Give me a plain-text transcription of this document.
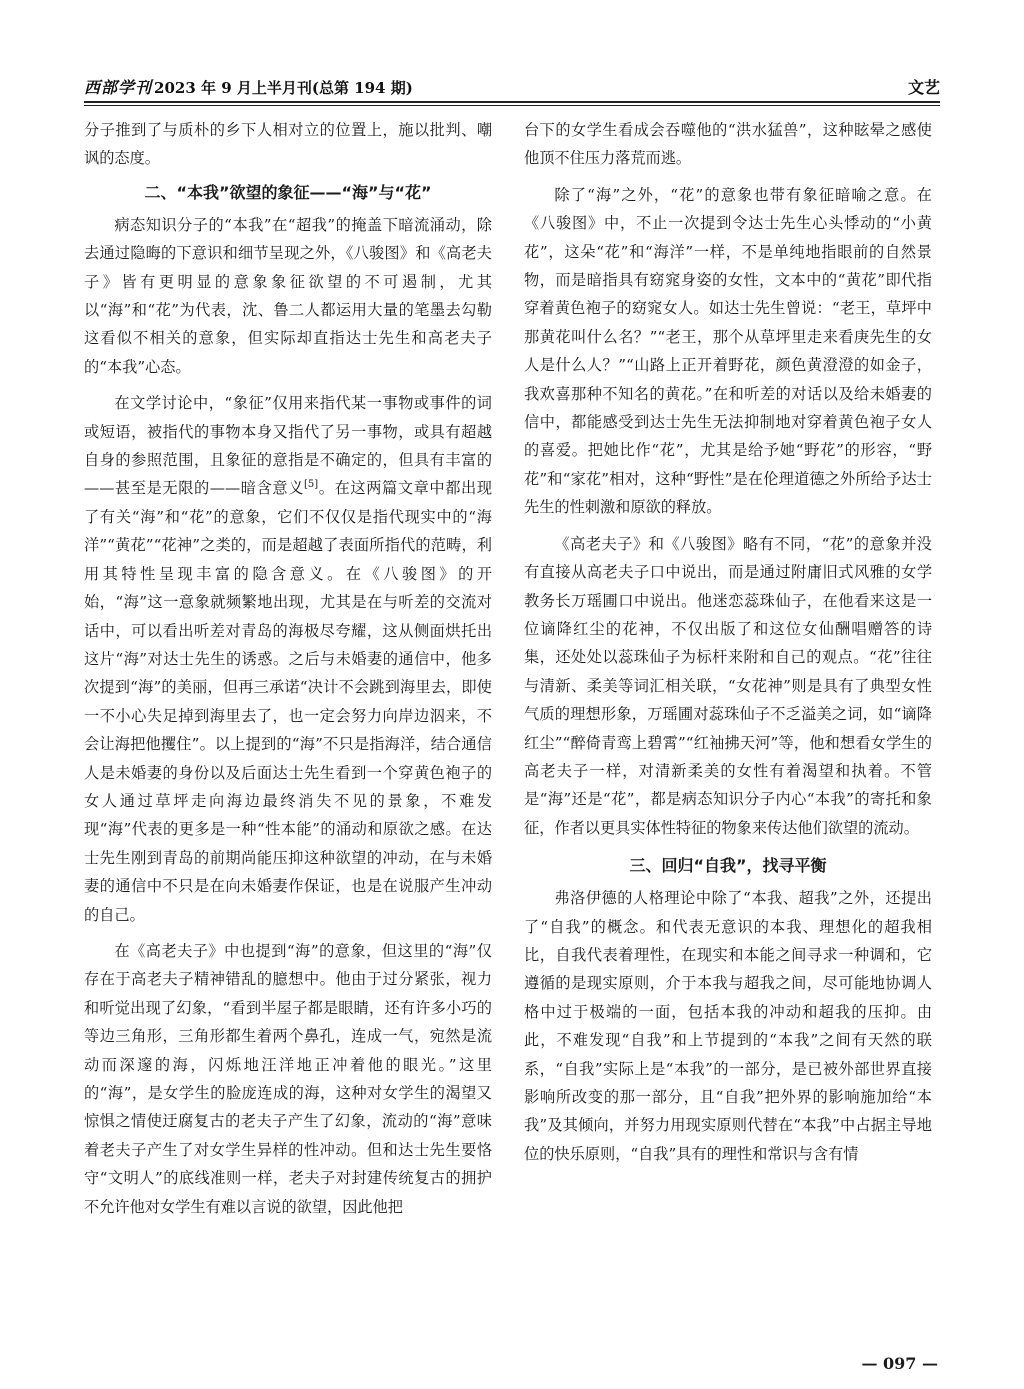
西部学刊 2023 年 9 月上半月刊(总第 194 期)	文艺

分子推到了与质朴的乡下人相对立的位置上，施以批判、嘲讽的态度。

二、“本我”欲望的象征——“海”与“花”

病态知识分子的“本我”在“超我”的掩盖下暗流涌动，除去通过隐晦的下意识和细节呈现之外，《八骏图》和《高老夫子》皆有更明显的意象象征欲望的不可遏制，尤其以“海”和“花”为代表，沈、鲁二人都运用大量的笔墨去勾勒这看似不相关的意象，但实际却直指达士先生和高老夫子的“本我”心态。

在文学讨论中，“象征”仅用来指代某一事物或事件的词或短语，被指代的事物本身又指代了另一事物，或具有超越自身的参照范围，且象征的意指是不确定的，但具有丰富的——甚至是无限的——暗含意义[5]。在这两篇文章中都出现了有关“海”和“花”的意象，它们不仅仅是指代现实中的“海洋”“黄花”“花神”之类的，而是超越了表面所指代的范畴，利用其特性呈现丰富的隐含意义。在《八骏图》的开始，“海”这一意象就频繁地出现，尤其是在与听差的交流对话中，可以看出听差对青岛的海极尽夸耀，这从侧面烘托出这片“海”对达士先生的诱惑。之后与未婚妻的通信中，他多次提到“海”的美丽，但再三承诺“决计不会跳到海里去，即使一不小心失足掉到海里去了，也一定会努力向岸边泅来，不会让海把他攫住”。以上提到的“海”不只是指海洋，结合通信人是未婚妻的身份以及后面达士先生看到一个穿黄色袍子的女人通过草坪走向海边最终消失不见的景象，不难发现“海”代表的更多是一种“性本能”的涌动和原欲之感。在达士先生刚到青岛的前期尚能压抑这种欲望的冲动，在与未婚妻的通信中不只是在向未婚妻作保证，也是在说服产生冲动的自己。

在《高老夫子》中也提到“海”的意象，但这里的“海”仅存在于高老夫子精神错乱的臆想中。他由于过分紧张，视力和听觉出现了幻象，“看到半屋子都是眼睛，还有许多小巧的等边三角形，三角形都生着两个鼻孔，连成一气，宛然是流动而深邃的海，闪烁地汪洋地正冲着他的眼光。”这里的“海”，是女学生的脸庞连成的海，这种对女学生的渴望又惊惧之情使迂腐复古的老夫子产生了幻象，流动的“海”意味着老夫子产生了对女学生异样的性冲动。但和达士先生要恪守“文明人”的底线准则一样，老夫子对封建传统复古的拥护不允许他对女学生有难以言说的欲望，因此他把

台下的女学生看成会吞噬他的“洪水猛兽”，这种眩晕之感使他顶不住压力落荒而逃。

除了“海”之外，“花”的意象也带有象征暗喻之意。在《八骏图》中，不止一次提到令达士先生心头悸动的“小黄花”，这朵“花”和“海洋”一样，不是单纯地指眼前的自然景物，而是暗指具有窈窕身姿的女性，文本中的“黄花”即代指穿着黄色袍子的窈窕女人。如达士先生曾说：“老王，草坪中那黄花叫什么名？”“老王，那个从草坪里走来看庚先生的女人是什么人？”“山路上正开着野花，颜色黄澄澄的如金子，我欢喜那种不知名的黄花。”在和听差的对话以及给未婚妻的信中，都能感受到达士先生无法抑制地对穿着黄色袍子女人的喜爱。把她比作“花”，尤其是给予她“野花”的形容，“野花”和“家花”相对，这种“野性”是在伦理道德之外所给予达士先生的性刺激和原欲的释放。

《高老夫子》和《八骏图》略有不同，“花”的意象并没有直接从高老夫子口中说出，而是通过附庸旧式风雅的女学教务长万瑶圃口中说出。他迷恋蕊珠仙子，在他看来这是一位谪降红尘的花神，不仅出版了和这位女仙酬唱赠答的诗集，还处处以蕊珠仙子为标杆来附和自己的观点。“花”往往与清新、柔美等词汇相关联，“女花神”则是具有了典型女性气质的理想形象，万瑶圃对蕊珠仙子不乏溢美之词，如“谪降红尘”“醉倚青鸾上碧霄”“红袖拂天河”等，他和想看女学生的高老夫子一样，对清新柔美的女性有着渴望和执着。不管是“海”还是“花”，都是病态知识分子内心“本我”的寄托和象征，作者以更具实体性特征的物象来传达他们欲望的流动。

三、回归“自我”，找寻平衡

弗洛伊德的人格理论中除了“本我、超我”之外，还提出了“自我”的概念。和代表无意识的本我、理想化的超我相比，自我代表着理性，在现实和本能之间寻求一种调和，它遵循的是现实原则，介于本我与超我之间，尽可能地协调人格中过于极端的一面，包括本我的冲动和超我的压抑。由此，不难发现“自我”和上节提到的“本我”之间有天然的联系，“自我”实际上是“本我”的一部分，是已被外部世界直接影响所改变的那一部分，且“自我”把外界的影响施加给“本我”及其倾向，并努力用现实原则代替在“本我”中占据主导地位的快乐原则，“自我”具有的理性和常识与含有情

— 097 —
